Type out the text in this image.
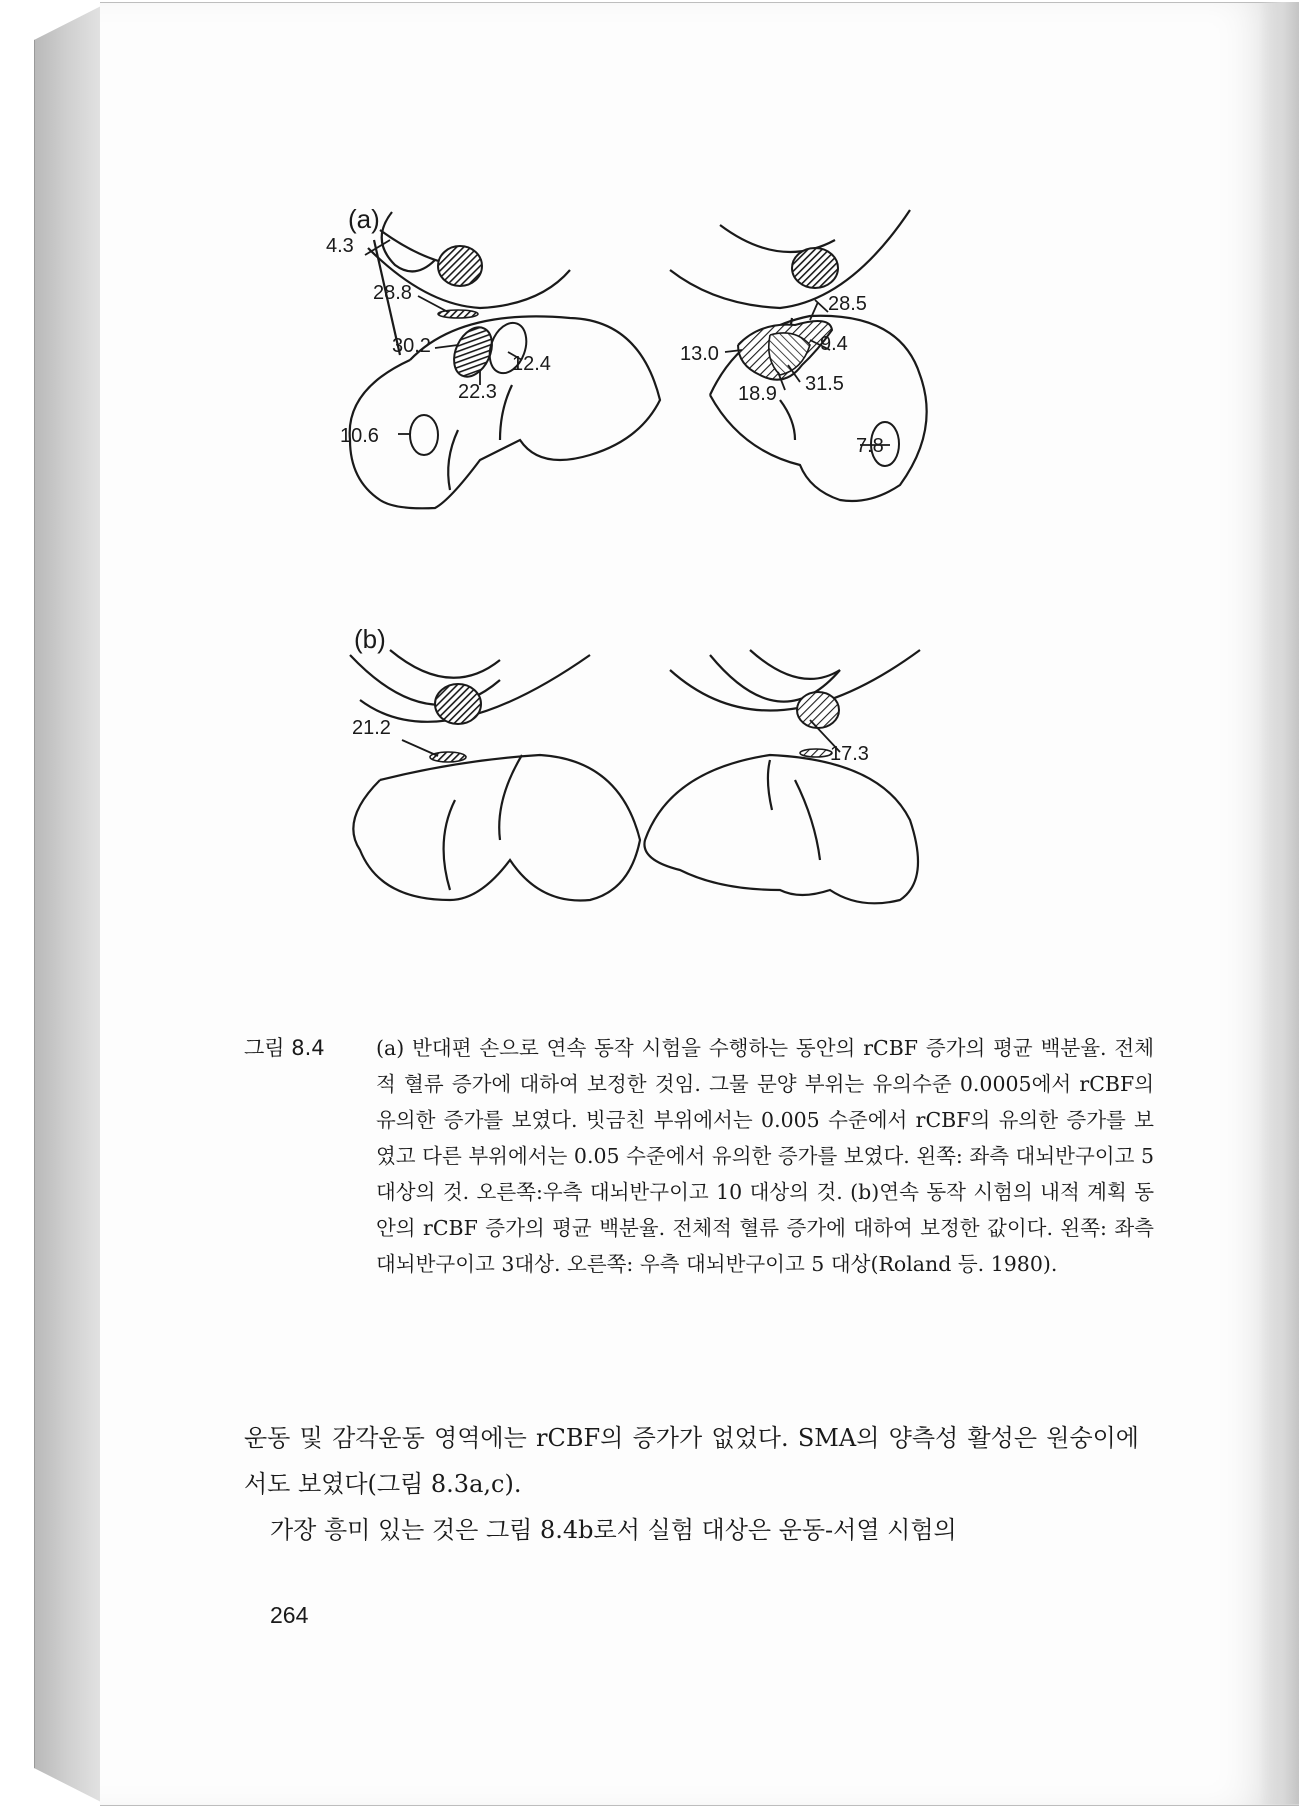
(a)
4.3
28.8
30.2
12.4
22.3
10.6
28.5
9.4
13.0
18.9 31.5
7.8
(b)
21.2
17.3
그림 8.4	(a) 반대편 손으로 연속 동작 시험을 수행하는 동안의 rCBF 증가의 평균 백분율. 전체적 혈류 증가에 대하여 보정한 것임. 그물 문양 부위는 유의수준 0.0005에서 rCBF의 유의한 증가를 보였다. 빗금친 부위에서는 0.005 수준에서 rCBF의 유의한 증가를 보였고 다른 부위에서는 0.05 수준에서 유의한 증가를 보였다. 왼쪽: 좌측 대뇌반구이고 5 대상의 것. 오른쪽:우측 대뇌반구이고 10 대상의 것. (b)연속 동작 시험의 내적 계획 동안의 rCBF 증가의 평균 백분율. 전체적 혈류 증가에 대하여 보정한 값이다. 왼쪽: 좌측 대뇌반구이고 3대상. 오른쪽: 우측 대뇌반구이고 5 대상(Roland 등. 1980).

운동 및 감각운동 영역에는 rCBF의 증가가 없었다. SMA의 양측성 활성은 원숭이에서도 보였다(그림 8.3a,c).

가장 흥미 있는 것은 그림 8.4b로서 실험 대상은 운동-서열 시험의

264
